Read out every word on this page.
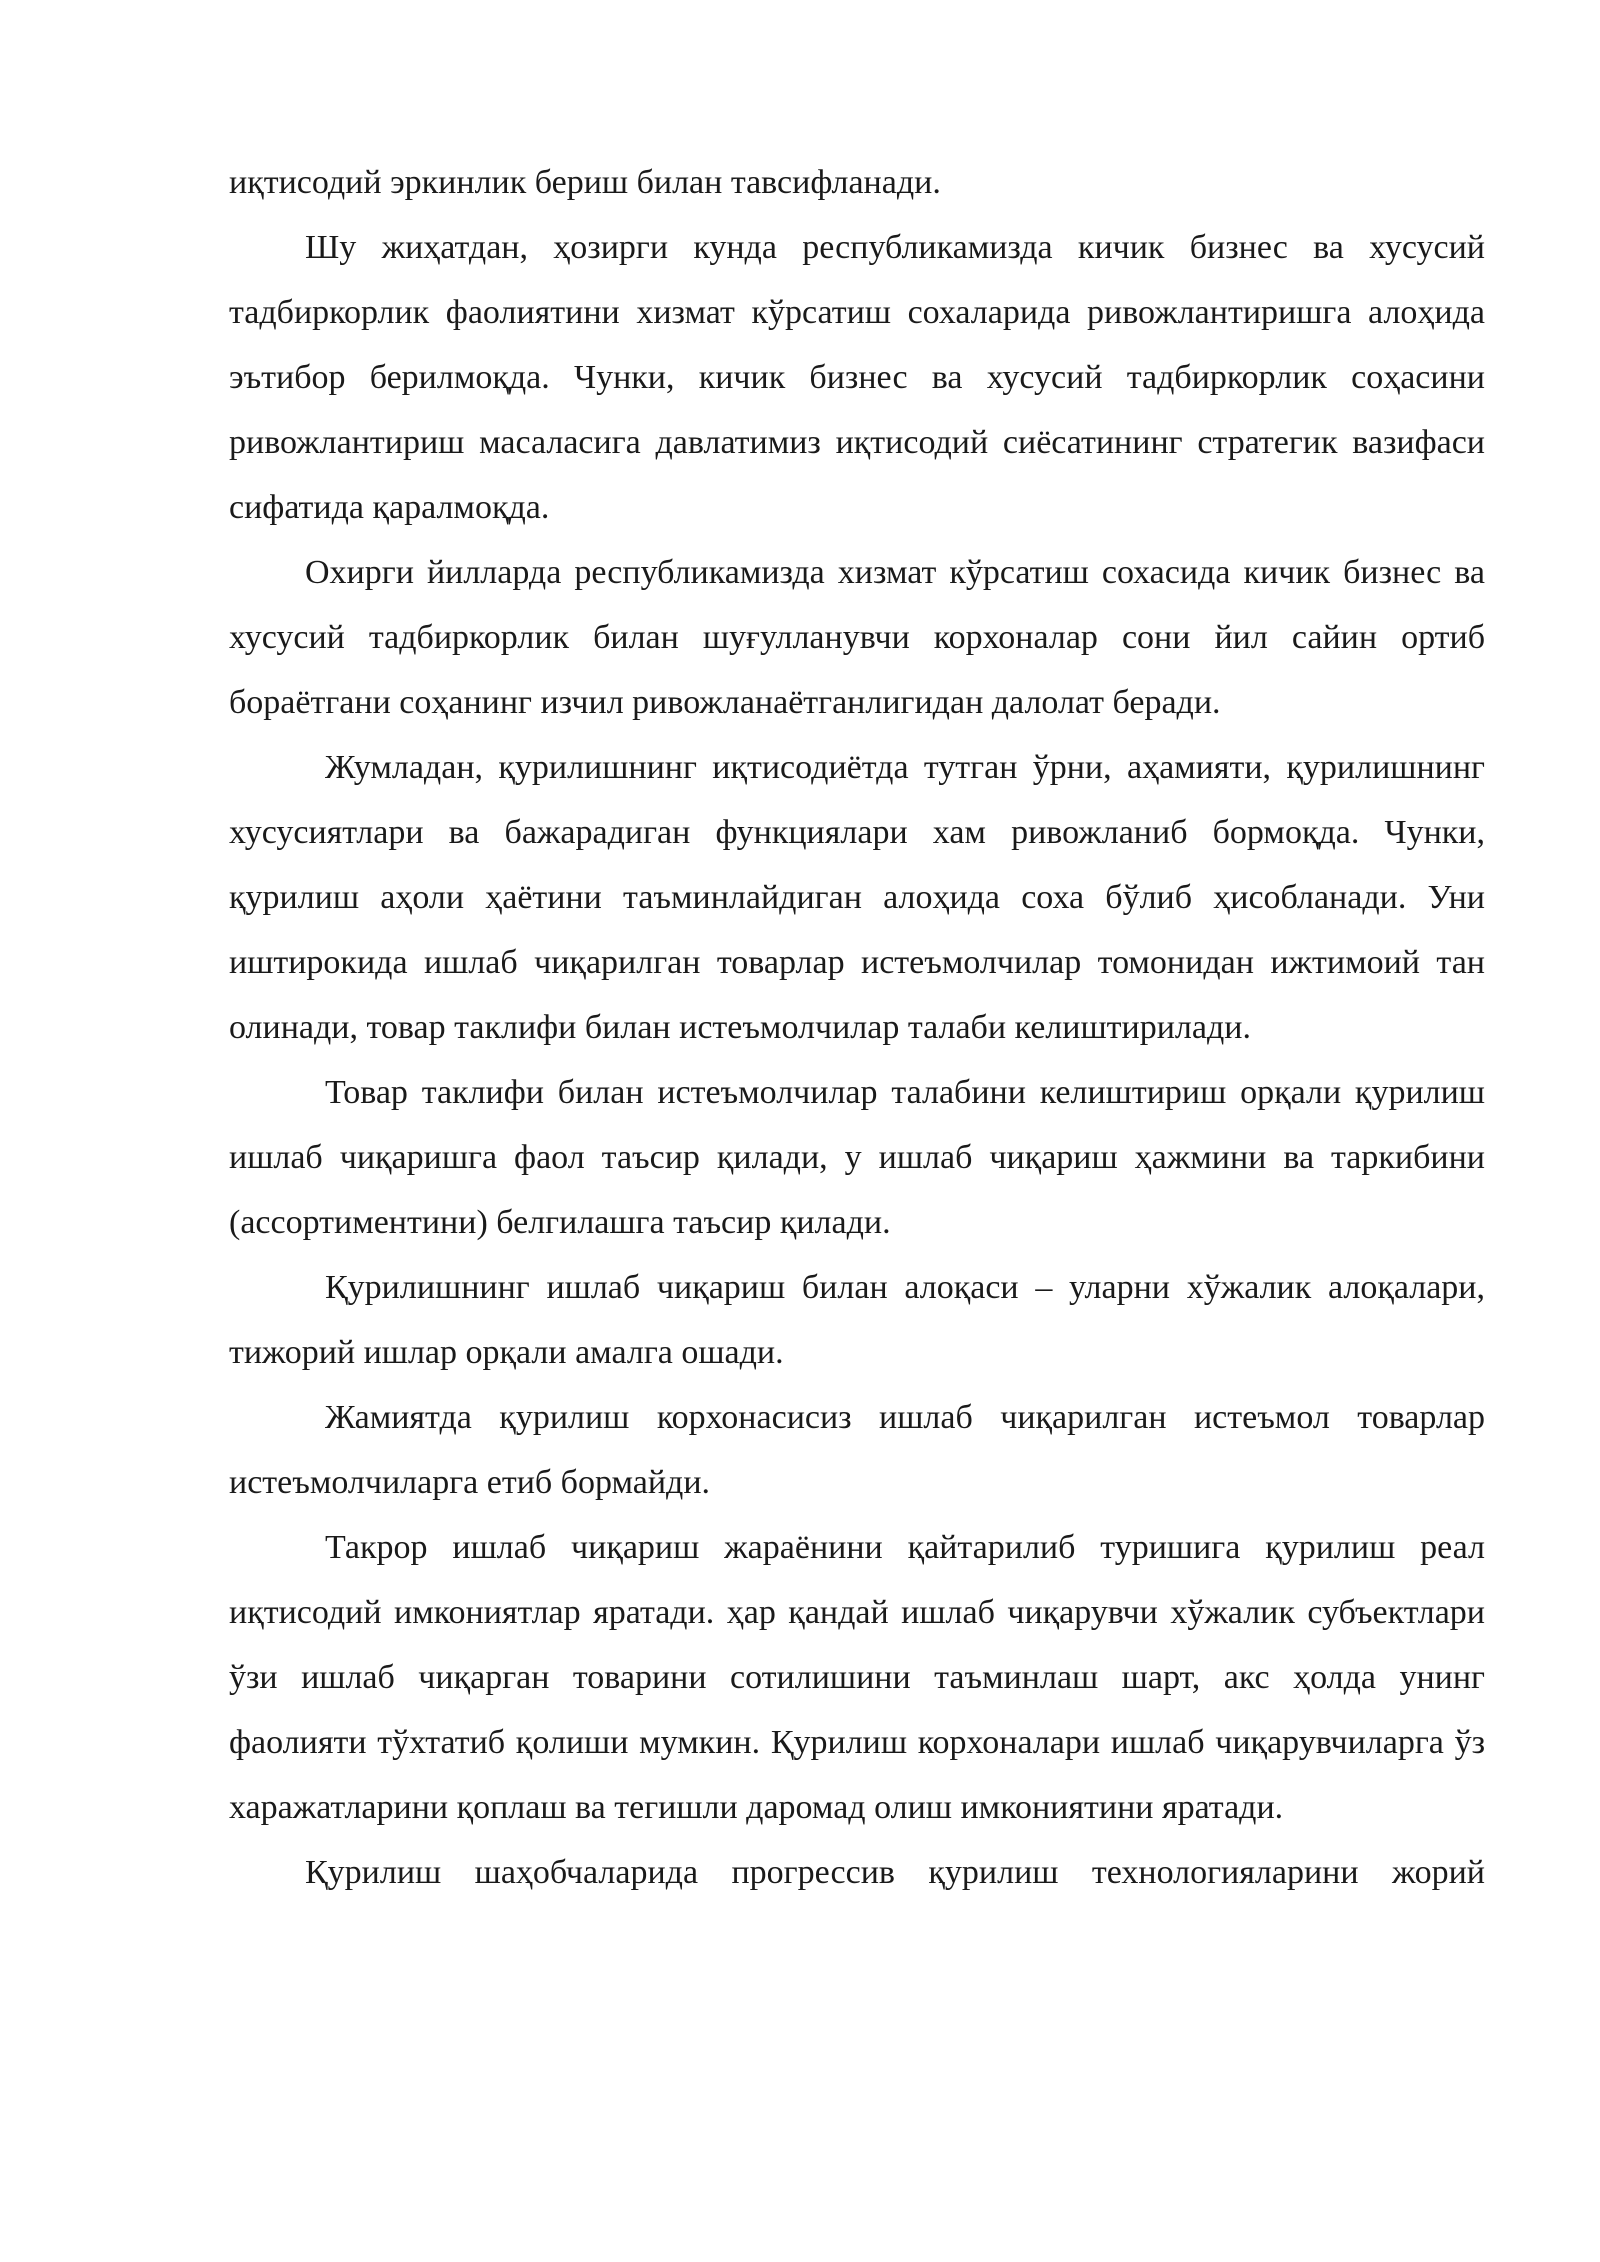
иқтисодий эркинлик бериш билан тавсифланади.

Шу жиҳатдан, ҳозирги кунда республикамизда кичик бизнес ва хусусий тадбиркорлик фаолиятини хизмат кўрсатиш сохаларида ривожлантиришга алоҳида эътибор берилмоқда. Чунки, кичик бизнес ва хусусий тадбиркорлик соҳасини ривожлантириш масаласига давлатимиз иқтисодий сиёсатининг стратегик вазифаси сифатида қаралмоқда.

Охирги йилларда республикамизда хизмат кўрсатиш сохасида кичик бизнес ва хусусий тадбиркорлик билан шуғулланувчи корхоналар сони йил сайин ортиб бораётгани соҳанинг изчил ривожланаётганлигидан далолат беради.

Жумладан, қурилишнинг иқтисодиётда тутган ўрни, аҳамияти, қурилишнинг хусусиятлари ва бажарадиган функциялари хам ривожланиб бормоқда. Чунки, қурилиш аҳоли ҳаётини таъминлайдиган алоҳида соха бўлиб ҳисобланади. Уни иштирокида ишлаб чиқарилган товарлар истеъмолчилар томонидан ижтимоий тан олинади, товар таклифи билан истеъмолчилар талаби келиштирилади.

Товар таклифи билан истеъмолчилар талабини келиштириш орқали қурилиш ишлаб чиқаришга фаол таъсир қилади, у ишлаб чиқариш ҳажмини ва таркибини (ассортиментини) белгилашга таъсир қилади.

Қурилишнинг ишлаб чиқариш билан алоқаси – уларни хўжалик алоқалари, тижорий ишлар орқали амалга ошади.

Жамиятда қурилиш корхонасисиз ишлаб чиқарилган истеъмол товарлар истеъмолчиларга етиб бормайди.

Такрор ишлаб чиқариш жараёнини қайтарилиб туришига қурилиш реал иқтисодий имкониятлар яратади. ҳар қандай ишлаб чиқарувчи хўжалик субъектлари ўзи ишлаб чиқарган товарини сотилишини таъминлаш шарт, акс ҳолда унинг фаолияти тўхтатиб қолиши мумкин. Қурилиш корхоналари ишлаб чиқарувчиларга ўз харажатларини қоплаш ва тегишли даромад олиш имкониятини яратади.

Қурилиш шаҳобчаларида прогрессив қурилиш технологияларини жорий
